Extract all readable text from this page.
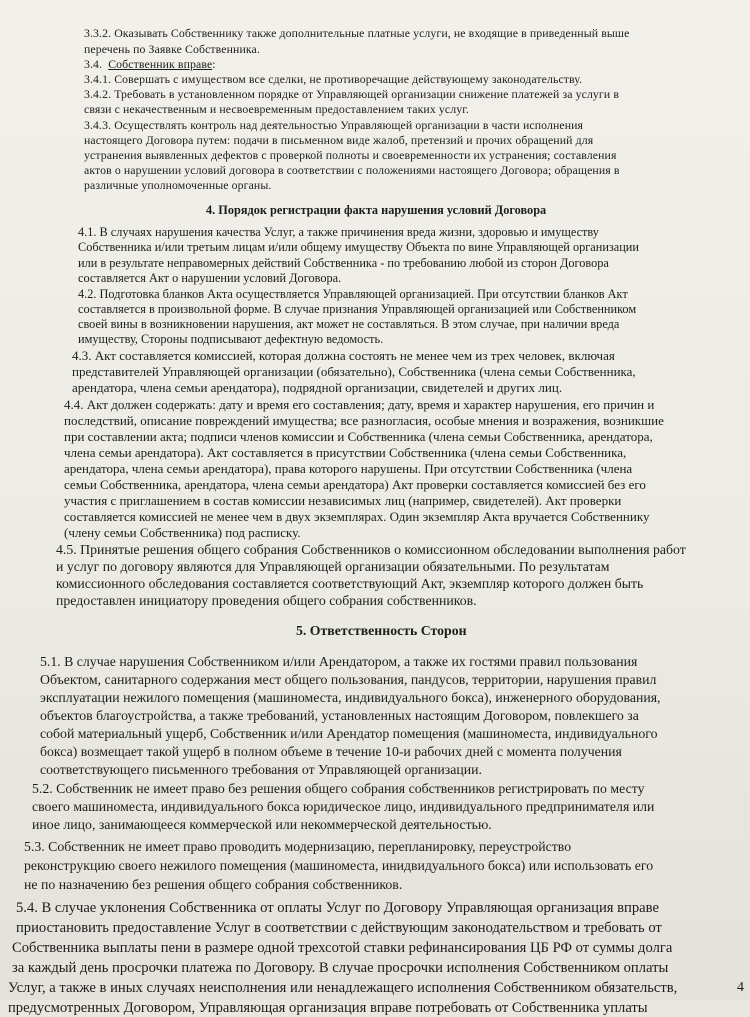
3.3.2. Оказывать Собственнику также дополнительные платные услуги, не входящие в приведенный выше

перечень по Заявке Собственника.

3.4. Собственник вправе:

3.4.1. Совершать с имуществом все сделки, не противоречащие действующему законодательству.

3.4.2. Требовать в установленном порядке от Управляющей организации снижение платежей за услуги в

связи с некачественным и несвоевременным предоставлением таких услуг.

3.4.3. Осуществлять контроль над деятельностью Управляющей организации в части исполнения

настоящего Договора путем: подачи в письменном виде жалоб, претензий и прочих обращений для

устранения выявленных дефектов с проверкой полноты и своевременности их устранения; составления

актов о нарушении условий договора в соответствии с положениями настоящего Договора; обращения в

различные уполномоченные органы.

4. Порядок регистрации факта нарушения условий Договора

4.1. В случаях нарушения качества Услуг, а также причинения вреда жизни, здоровью и имуществу

Собственника и/или третьим лицам и/или общему имуществу Объекта по вине Управляющей организации

или в результате неправомерных действий Собственника - по требованию любой из сторон Договора

составляется Акт о нарушении условий Договора.

4.2. Подготовка бланков Акта осуществляется Управляющей организацией. При отсутствии бланков Акт

составляется в произвольной форме. В случае признания Управляющей организацией или Собственником

своей вины в возникновении нарушения, акт может не составляться. В этом случае, при наличии вреда

имуществу, Стороны подписывают дефектную ведомость.

4.3. Акт составляется комиссией, которая должна состоять не менее чем из трех человек, включая

представителей Управляющей организации (обязательно), Собственника (члена семьи Собственника,

арендатора, члена семьи арендатора), подрядной организации, свидетелей и других лиц.

4.4. Акт должен содержать: дату и время его составления; дату, время и характер нарушения, его причин и

последствий, описание повреждений имущества; все разногласия, особые мнения и возражения, возникшие

при составлении акта; подписи членов комиссии и Собственника (члена семьи Собственника, арендатора,

члена семьи арендатора). Акт составляется в присутствии Собственника (члена семьи Собственника,

арендатора, члена семьи арендатора), права которого нарушены. При отсутствии Собственника (члена

семьи Собственника, арендатора, члена семьи арендатора) Акт проверки составляется комиссией без его

участия с приглашением в состав комиссии независимых лиц (например, свидетелей). Акт проверки

составляется комиссией не менее чем в двух экземплярах. Один экземпляр Акта вручается Собственнику

(члену семьи Собственника) под расписку.

4.5. Принятые решения общего собрания Собственников о комиссионном обследовании выполнения работ

и услуг по договору являются для Управляющей организации обязательными. По результатам

комиссионного обследования составляется соответствующий Акт, экземпляр которого должен быть

предоставлен инициатору проведения общего собрания собственников.

5. Ответственность Сторон

5.1. В случае нарушения Собственником и/или Арендатором, а также их гостями правил пользования

Объектом, санитарного содержания мест общего пользования, пандусов, территории, нарушения правил

эксплуатации нежилого помещения (машиноместа, индивидуального бокса), инженерного оборудования,

объектов благоустройства, а также требований, установленных настоящим Договором, повлекшего за

собой материальный ущерб, Собственник и/или Арендатор помещения (машиноместа, индивидуального

бокса) возмещает такой ущерб в полном объеме в течение 10-и рабочих дней с момента получения

соответствующего письменного требования от Управляющей организации.

5.2. Собственник не имеет право без решения общего собрания собственников регистрировать по месту

своего машиноместа, индивидуального бокса юридическое лицо, индивидуального предпринимателя или

иное лицо, занимающееся коммерческой или некоммерческой деятельностью.

5.3. Собственник не имеет право проводить модернизацию, перепланировку, переустройство

реконструкцию своего нежилого помещения (машиноместа, инидвидуального бокса) или использовать его

не по назначению без решения общего собрания собственников.

5.4. В случае уклонения Собственника от оплаты Услуг по Договору Управляющая организация вправе

приостановить предоставление Услуг в соответствии с действующим законодательством и требовать от

Собственника выплаты пени в размере одной трехсотой ставки рефинансирования ЦБ РФ от суммы долга

за каждый день просрочки платежа по Договору. В случае просрочки исполнения Собственником оплаты

Услуг, а также в иных случаях неисполнения или ненадлежащего исполнения Собственником обязательств,

предусмотренных Договором, Управляющая организация вправе потребовать от Собственника уплаты

4
